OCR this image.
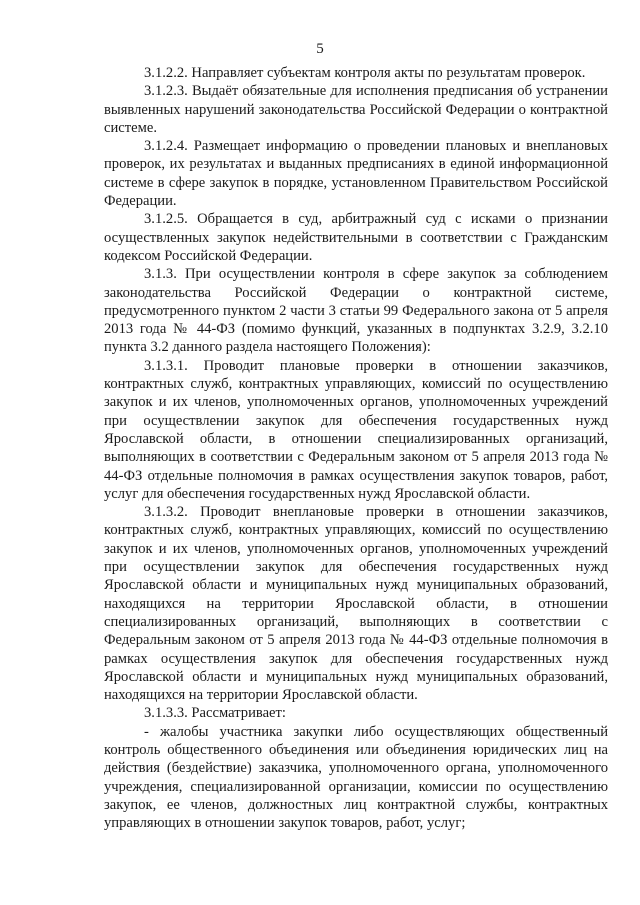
5

3.1.2.2. Направляет субъектам контроля акты по результатам проверок.

3.1.2.3. Выдаёт обязательные для исполнения предписания об устранении выявленных нарушений законодательства Российской Федерации о контрактной системе.

3.1.2.4. Размещает информацию о проведении плановых и внеплановых проверок, их результатах и выданных предписаниях в единой информационной системе в сфере закупок в порядке, установленном Правительством Российской Федерации.

3.1.2.5. Обращается в суд, арбитражный суд с исками о признании осуществленных закупок недействительными в соответствии с Гражданским кодексом Российской Федерации.

3.1.3. При осуществлении контроля в сфере закупок за соблюдением законодательства Российской Федерации о контрактной системе, предусмотренного пунктом 2 части 3 статьи 99 Федерального закона от 5 апреля 2013 года № 44-ФЗ (помимо функций, указанных в подпунктах 3.2.9, 3.2.10 пункта 3.2 данного раздела настоящего Положения):

3.1.3.1. Проводит плановые проверки в отношении заказчиков, контрактных служб, контрактных управляющих, комиссий по осуществлению закупок и их членов, уполномоченных органов, уполномоченных учреждений при осуществлении закупок для обеспечения государственных нужд Ярославской области, в отношении специализированных организаций, выполняющих в соответствии с Федеральным законом от 5 апреля 2013 года № 44-ФЗ отдельные полномочия в рамках осуществления закупок товаров, работ, услуг для обеспечения государственных нужд Ярославской области.

3.1.3.2. Проводит внеплановые проверки в отношении заказчиков, контрактных служб, контрактных управляющих, комиссий по осуществлению закупок и их членов, уполномоченных органов, уполномоченных учреждений при осуществлении закупок для обеспечения государственных нужд Ярославской области и муниципальных нужд муниципальных образований, находящихся на территории Ярославской области, в отношении специализированных организаций, выполняющих в соответствии с Федеральным законом от 5 апреля 2013 года № 44-ФЗ отдельные полномочия в рамках осуществления закупок для обеспечения государственных нужд Ярославской области и муниципальных нужд муниципальных образований, находящихся на территории Ярославской области.

3.1.3.3. Рассматривает:

- жалобы участника закупки либо осуществляющих общественный контроль общественного объединения или объединения юридических лиц на действия (бездействие) заказчика, уполномоченного органа, уполномоченного учреждения, специализированной организации, комиссии по осуществлению закупок, ее членов, должностных лиц контрактной службы, контрактных управляющих в отношении закупок товаров, работ, услуг;
